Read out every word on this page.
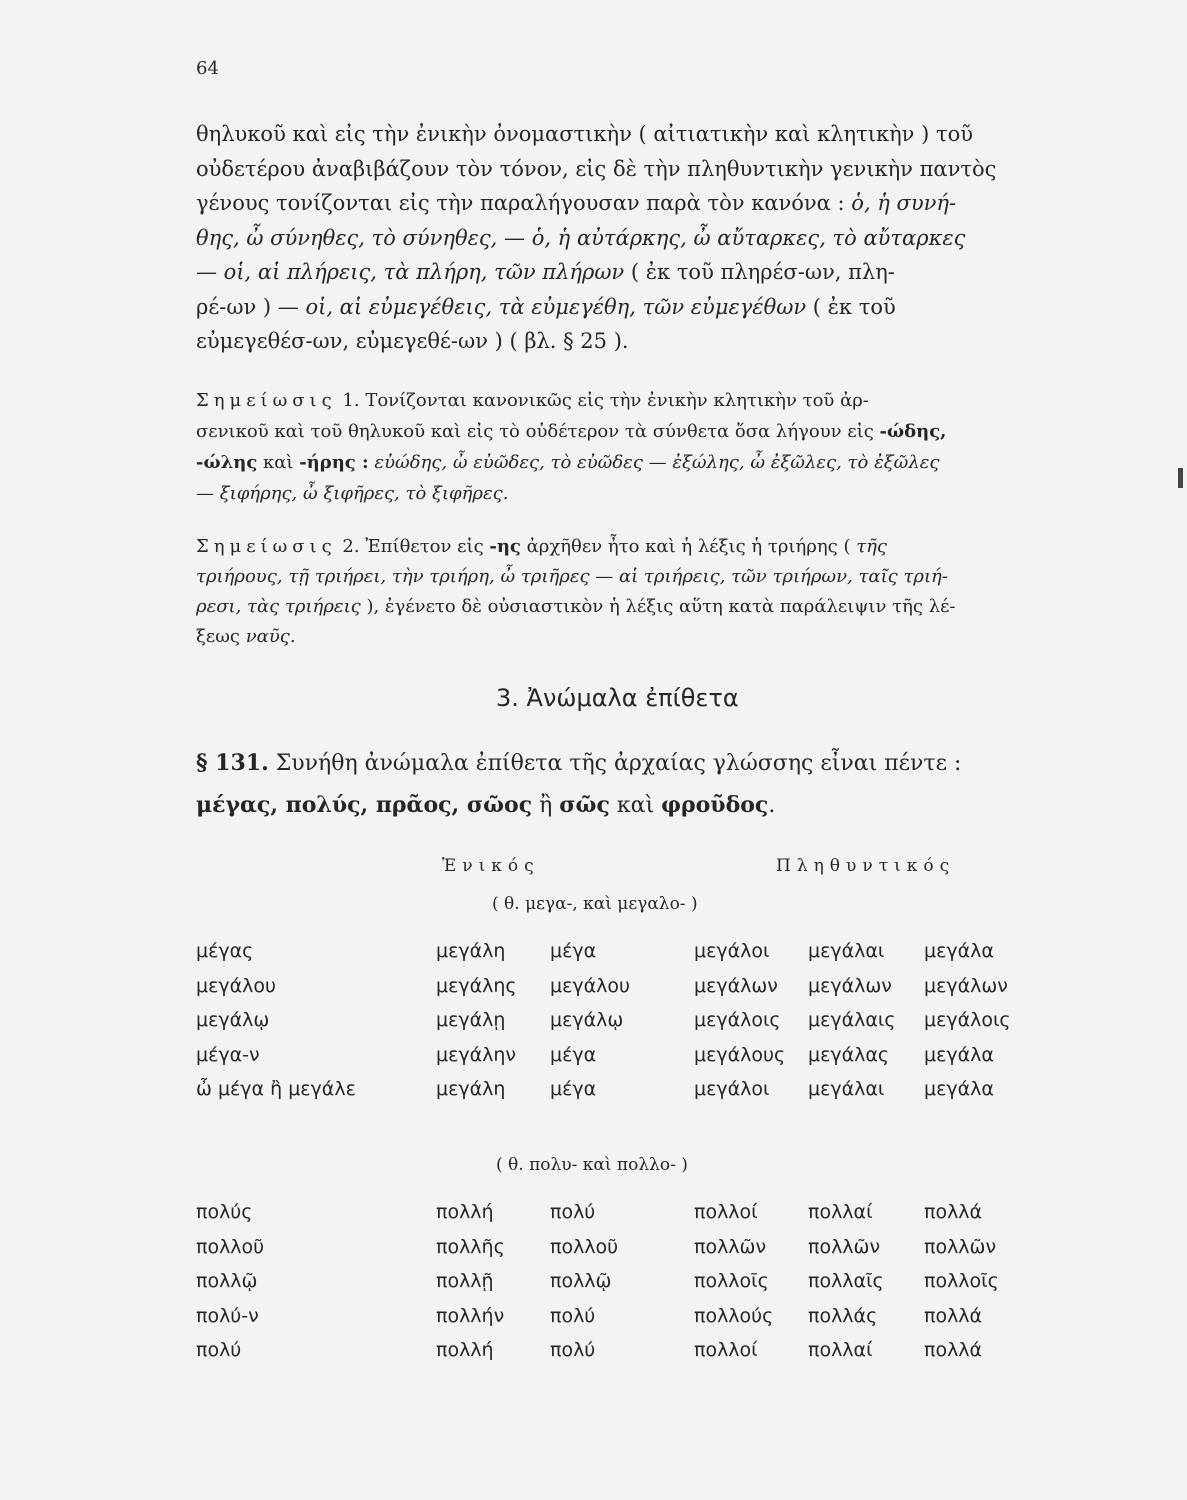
64
θηλυκοῦ καὶ εἰς τὴν ἐνικὴν ὀνομαστικὴν ( αἰτιατικὴν καὶ κλητικὴν ) τοῦ
οὐδετέρου ἀναβιβάζουν τὸν τόνον, εἰς δὲ τὴν πληθυντικὴν γενικὴν παντὸς
γένους τονίζονται εἰς τὴν παραλήγουσαν παρὰ τὸν κανόνα : ὁ, ἡ συνή-
θης, ὦ σύνηθες, τὸ σύνηθες, — ὁ, ἡ αὐτάρκης, ὦ αὔταρκες, τὸ αὔταρκες
— οἱ, αἱ πλήρεις, τὰ πλήρη, τῶν πλήρων ( ἐκ τοῦ πληρέσ-ων, πλη-
ρέ-ων ) — οἱ, αἱ εὐμεγέθεις, τὰ εὐμεγέθη, τῶν εὐμεγέθων ( ἐκ τοῦ
εὐμεγεθέσ-ων, εὐμεγεθέ-ων ) ( βλ. § 25 ).
Σημείωσις 1. Τονίζονται κανονικῶς εἰς τὴν ἐνικὴν κλητικὴν τοῦ ἀρ-
σενικοῦ καὶ τοῦ θηλυκοῦ καὶ εἰς τὸ οὐδέτερον τὰ σύνθετα ὅσα λήγουν εἰς -ώδης,
-ώλης καὶ -ήρης : εὐώδης, ὦ εὐῶδες, τὸ εὐῶδες — ἐξώλης, ὦ ἐξῶλες, τὸ ἐξῶλες
— ξιφήρης, ὦ ξιφῆρες, τὸ ξιφῆρες.
Σημείωσις 2. Ἐπίθετον εἰς -ης ἀρχῆθεν ἦτο καὶ ἡ λέξις ἡ τριήρης ( τῆς
τριήρους, τῇ τριήρει, τὴν τριήρη, ὦ τριῆρες — αἱ τριήρεις, τῶν τριήρων, ταῖς τριή-
ρεσι, τὰς τριήρεις ), ἐγένετο δὲ οὐσιαστικὸν ἡ λέξις αὕτη κατὰ παράλειψιν τῆς λέ-
ξεως ναῦς.
3. Ἀνώμαλα ἐπίθετα
§ 131. Συνήθη ἀνώμαλα ἐπίθετα τῆς ἀρχαίας γλώσσης εἶναι πέντε :
μέγας, πολύς, πρᾶος, σῶος ἢ σῶς καὶ φροῦδος.
Ἑνικός	Πληθυντικός
( θ. μεγα-, καὶ μεγαλο- )
μέγας	μεγάλη μέγα	μεγάλοι μεγάλαι μεγάλα
μεγάλου	μεγάλης μεγάλου	μεγάλων μεγάλων μεγάλων
μεγάλῳ	μεγάλῃ μεγάλῳ	μεγάλοις μεγάλαις μεγάλοις
μέγα-ν	μεγάλην μέγα	μεγάλους μεγάλας μεγάλα
ὦ μέγα ἢ μεγάλε	μεγάλη μέγα	μεγάλοι μεγάλαι μεγάλα
( θ. πολυ- καὶ πολλο- )
πολύς	πολλή	πολύ	πολλοί	πολλαί	πολλά
πολλοῦ	πολλῆς πολλοῦ	πολλῶν πολλῶν πολλῶν
πολλῷ	πολλῇ	πολλῷ	πολλοῖς πολλαῖς πολλοῖς
πολύ-ν	πολλήν πολύ	πολλούς πολλάς πολλά
πολύ	πολλή	πολύ	πολλοί	πολλαί	πολλά
